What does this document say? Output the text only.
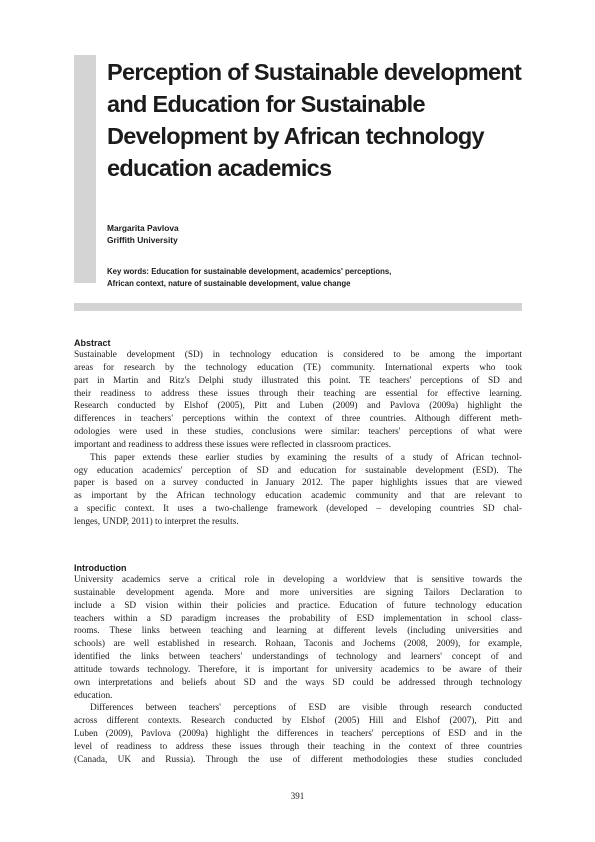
Perception of Sustainable development
and Education for Sustainable
Development by African technology
education academics
Margarita Pavlova
Griffith University
Key words: Education for sustainable development, academics' perceptions,
African context, nature of sustainable development, value change
Abstract
Sustainable development (SD) in technology education is considered to be among the important
areas for research by the technology education (TE) community. International experts who took
part in Martin and Ritz's Delphi study illustrated this point. TE teachers' perceptions of SD and
their readiness to address these issues through their teaching are essential for effective learning.
Research conducted by Elshof (2005), Pitt and Luben (2009) and Pavlova (2009a) highlight the
differences in teachers' perceptions within the context of three countries. Although different meth-
odologies were used in these studies, conclusions were similar: teachers' perceptions of what were
important and readiness to address these issues were reflected in classroom practices.
This paper extends these earlier studies by examining the results of a study of African technol-
ogy education academics' perception of SD and education for sustainable development (ESD). The
paper is based on a survey conducted in January 2012. The paper highlights issues that are viewed
as important by the African technology education academic community and that are relevant to
a specific context. It uses a two-challenge framework (developed – developing countries SD chal-
lenges, UNDP, 2011) to interpret the results.
Introduction
University academics serve a critical role in developing a worldview that is sensitive towards the
sustainable development agenda. More and more universities are signing Tailors Declaration to
include a SD vision within their policies and practice. Education of future technology education
teachers within a SD paradigm increases the probability of ESD implementation in school class-
rooms. These links between teaching and learning at different levels (including universities and
schools) are well established in research. Rohaan, Taconis and Jochems (2008, 2009), for example,
identified the links between teachers' understandings of technology and learners' concept of and
attitude towards technology. Therefore, it is important for university academics to be aware of their
own interpretations and beliefs about SD and the ways SD could be addressed through technology
education.
Differences between teachers' perceptions of ESD are visible through research conducted
across different contexts. Research conducted by Elshof (2005) Hill and Elshof (2007), Pitt and
Luben (2009), Pavlova (2009a) highlight the differences in teachers' perceptions of ESD and in the
level of readiness to address these issues through their teaching in the context of three countries
(Canada, UK and Russia). Through the use of different methodologies these studies concluded
391
